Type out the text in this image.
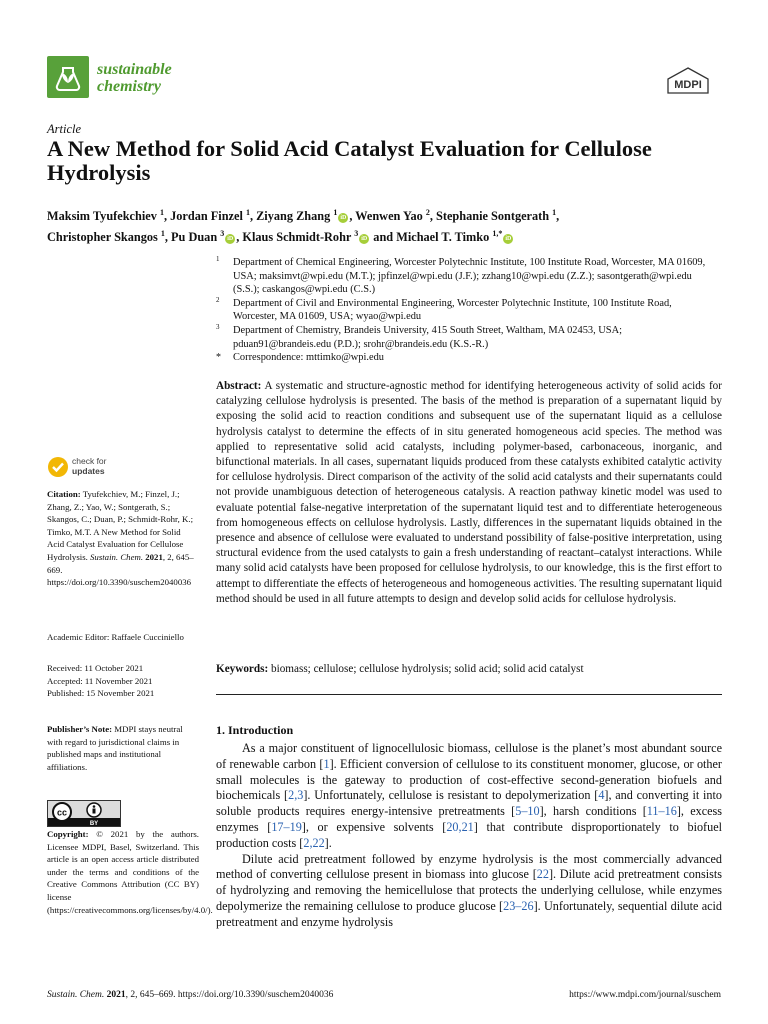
sustainable
chemistry	MDPI
Article
A New Method for Solid Acid Catalyst Evaluation for Cellulose Hydrolysis
Maksim Tyufekchiev $^1$, Jordan Finzel $^1$, Ziyang Zhang $^1$iD , Wenwen Yao $^2$, Stephanie Sontgerath $^1$,
Christopher Skangos $^1$, Pu Duan $^3$iD , Klaus Schmidt-Rohr $^3$iD and Michael T. Timko $^{1,*}$iD
1 Department of Chemical Engineering, Worcester Polytechnic Institute, 100 Institute Road, Worcester, MA 01609, USA; maksimvt@wpi.edu (M.T.); jpfinzel@wpi.edu (J.F.); zzhang10@wpi.edu (Z.Z.); sasontgerath@wpi.edu (S.S.); caskangos@wpi.edu (C.S.)
2 Department of Civil and Environmental Engineering, Worcester Polytechnic Institute, 100 Institute Road, Worcester, MA 01609, USA; wyao@wpi.edu
3 Department of Chemistry, Brandeis University, 415 South Street, Waltham, MA 02453, USA; pduan91@brandeis.edu (P.D.); srohr@brandeis.edu (K.S.-R.)
* Correspondence: mttimko@wpi.edu
Abstract: A systematic and structure-agnostic method for identifying heterogeneous activity of solid acids for catalyzing cellulose hydrolysis is presented. The basis of the method is preparation of a supernatant liquid by exposing the solid acid to reaction conditions and subsequent use of the supernatant liquid as a cellulose hydrolysis catalyst to determine the effects of in situ generated homogeneous acid species. The method was applied to representative solid acid catalysts, including polymer-based, carbonaceous, inorganic, and bifunctional materials. In all cases, supernatant liquids produced from these catalysts exhibited catalytic activity for cellulose hydrolysis. Direct comparison of the activity of the solid acid catalysts and their supernatants could not provide unambiguous detection of heterogeneous catalysis. A reaction pathway kinetic model was used to evaluate potential false-negative interpretation of the supernatant liquid test and to differentiate heterogeneous from homogeneous effects on cellulose hydrolysis. Lastly, differences in the supernatant liquids obtained in the presence and absence of cellulose were evaluated to understand possibility of false-positive interpretation, using structural evidence from the used catalysts to gain a fresh understanding of reactant–catalyst interactions. While many solid acid catalysts have been proposed for cellulose hydrolysis, to our knowledge, this is the first effort to attempt to differentiate the effects of heterogeneous and homogeneous activities. The resulting supernatant liquid method should be used in all future attempts to design and develop solid acids for cellulose hydrolysis.
Keywords: biomass; cellulose; cellulose hydrolysis; solid acid; solid acid catalyst
1. Introduction

As a major constituent of lignocellulosic biomass, cellulose is the planet’s most abundant source of renewable carbon [1]. Efficient conversion of cellulose to its constituent monomer, glucose, or other small molecules is the gateway to production of cost-effective second-generation biofuels and biochemicals [2,3]. Unfortunately, cellulose is resistant to depolymerization [4], and converting it into soluble products requires energy-intensive pretreatments [5–10], harsh conditions [11–16], excess enzymes [17–19], or expensive solvents [20,21] that contribute disproportionately to biofuel production costs [2,22].

Dilute acid pretreatment followed by enzyme hydrolysis is the most commercially advanced method of converting cellulose present in biomass into glucose [22]. Dilute acid pretreatment consists of hydrolyzing and removing the hemicellulose that protects the underlying cellulose, while enzymes depolymerize the remaining cellulose to produce glucose [23–26]. Unfortunately, sequential dilute acid pretreatment and enzyme hydrolysis

check for
updates
Citation: Tyufekchiev, M.; Finzel, J.; Zhang, Z.; Yao, W.; Sontgerath, S.; Skangos, C.; Duan, P.; Schmidt-Rohr, K.; Timko, M.T. A New Method for Solid Acid Catalyst Evaluation for Cellulose Hydrolysis. Sustain. Chem. 2021, 2, 645–669. https://doi.org/10.3390/suschem2040036
Academic Editor: Raffaele Cucciniello
Received: 11 October 2021
Accepted: 11 November 2021
Published: 15 November 2021
Publisher’s Note: MDPI stays neutral with regard to jurisdictional claims in published maps and institutional affiliations.
cc
BY
Copyright: © 2021 by the authors. Licensee MDPI, Basel, Switzerland. This article is an open access article distributed under the terms and conditions of the Creative Commons Attribution (CC BY) license (https://creativecommons.org/licenses/by/4.0/).
Sustain. Chem. 2021, 2, 645–669. https://doi.org/10.3390/suschem2040036	https://www.mdpi.com/journal/suschem
